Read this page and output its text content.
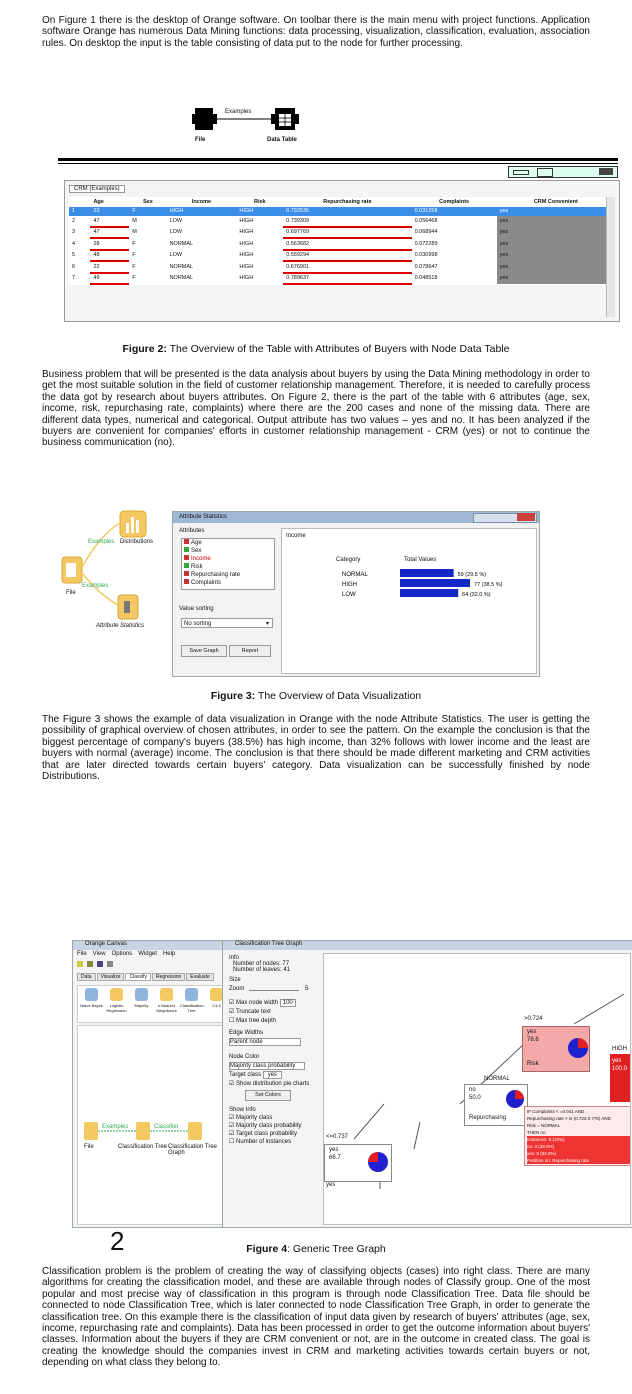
On Figure 1 there is the desktop of Orange software. On toolbar there is the main menu with project functions. Application software Orange has numerous Data Mining functions: data processing, visualization, classification, evaluation, association rules. On desktop the input is the table consisting of data put to the node for further processing.

Examples
File	Data Table
CRM (Examples)
	Age	Sex	Income	Risk	Repurchasing rate	Complaints	CRM Convenient
1	23	F	HIGH	HIGH	0.792535	0.031258	yes
2	47	M	LOW	HIGH	0.739309	0.056468	yes
3	47	M	LOW	HIGH	0.697769	0.068944	yes
4	28	F	NORMAL	HIGH	0.563682	0.072289	yes
5	48	F	LOW	HIGH	0.559294	0.030998	yes
6	22	F	NORMAL	HIGH	0.676901	0.078647	yes
7	49	F	NORMAL	HIGH	0.789637	0.048518	yes
Figure 2: The Overview of the Table with Attributes of Buyers with Node Data Table

Business problem that will be presented is the data analysis about buyers by using the Data Mining methodology in order to get the most suitable solution in the field of customer relationship management. Therefore, it is needed to carefully process the data got by research about buyers attributes. On Figure 2, there is the part of the table with 6 attributes (age, sex, income, risk, repurchasing rate, complaints) where there are the 200 cases and none of the missing data. There are different data types, numerical and categorical. Output attribute has two values – yes and no. It has been analyzed if the buyers are convenient for companies' efforts in customer relationship management - CRM (yes) or not to continue the business communication (no).

Examples Distributions
Examples
File
Attribute Statistics
Attribute Statistics
Attributes
Age
Sex
Income
Risk
Repurchasing rate
Complaints
Value sorting
No sorting	▾
Save Graph	Report
Income
Category	Total Values
NORMAL	59 (29.5 %)
HIGH	77 (38.5 %)
LOW	64 (32.0 %)
Figure 3: The Overview of Data Visualization

The Figure 3 shows the example of data visualization in Orange with the node Attribute Statistics. The user is getting the possibility of graphical overview of chosen attributes, in order to see the pattern. On the example the conclusion is that the biggest percentage of company's buyers (38.5%) has high income, than 32% follows with lower income and the least are buyers with normal (average) income. The conclusion is that there should be made different marketing and CRM activities that are later directed towards certain buyers' category. Data visualization can be successfully finished by node Distributions.

Orange Canvas
File View Options Widget Help
Data Visualize Classify Regression Evaluate
Naive Bayes	Logistic Regression
Majority	k Nearest Neighbours
Classification Tree
C4.5
Examples	Classifier
File	Classification Tree Classification Tree Graph
Classification Tree Graph
Info
Number of nodes: 77
Number of leaves: 41
Size
Zoom	5
☑ Max node width 100
☑ Truncate text
☐ Max tree depth
Edge Widths
Parent node
Node Color
Majority class probability
Target class yes
☑ Show distribution pie charts
Set Colors
Show Info
☑ Majority class
☑ Majority class probability
☑ Target class probability
☐ Number of instances
>0.724
yes
78.6
Risk
HIGH
yes
100.0
NORMAL
no
50.0
Repurchasing
IF Complaints < =0.041 AND
Repurchasing rate > in (0.724,0.775) AND
Risk = NORMAL
THEN no
Instances: 8 (10%)
no: 3 (38.0%)
yes: 5 (62.0%)
Partition on: Repurchasing rate
<=0.737
yes
66.7
yes
2	Figure 4: Generic Tree Graph

Classification problem is the problem of creating the way of classifying objects (cases) into right class. There are many algorithms for creating the classification model, and these are available through nodes of Classify group. One of the most popular and most precise way of classification in this program is through node Classification Tree. Data file should be connected to node Classification Tree, which is later connected to node Classification Tree Graph, in order to generate the classification tree. On this example there is the classification of input data given by research of buyers' attributes (age, sex, income, repurchasing rate and complaints). Data has been processed in order to get the outcome information about buyers' classes. Information about the buyers if they are CRM convenient or not, are in the outcome in created class. The goal is creating the knowledge should the companies invest in CRM and marketing activities towards certain buyers or not, depending on what class they belong to.
